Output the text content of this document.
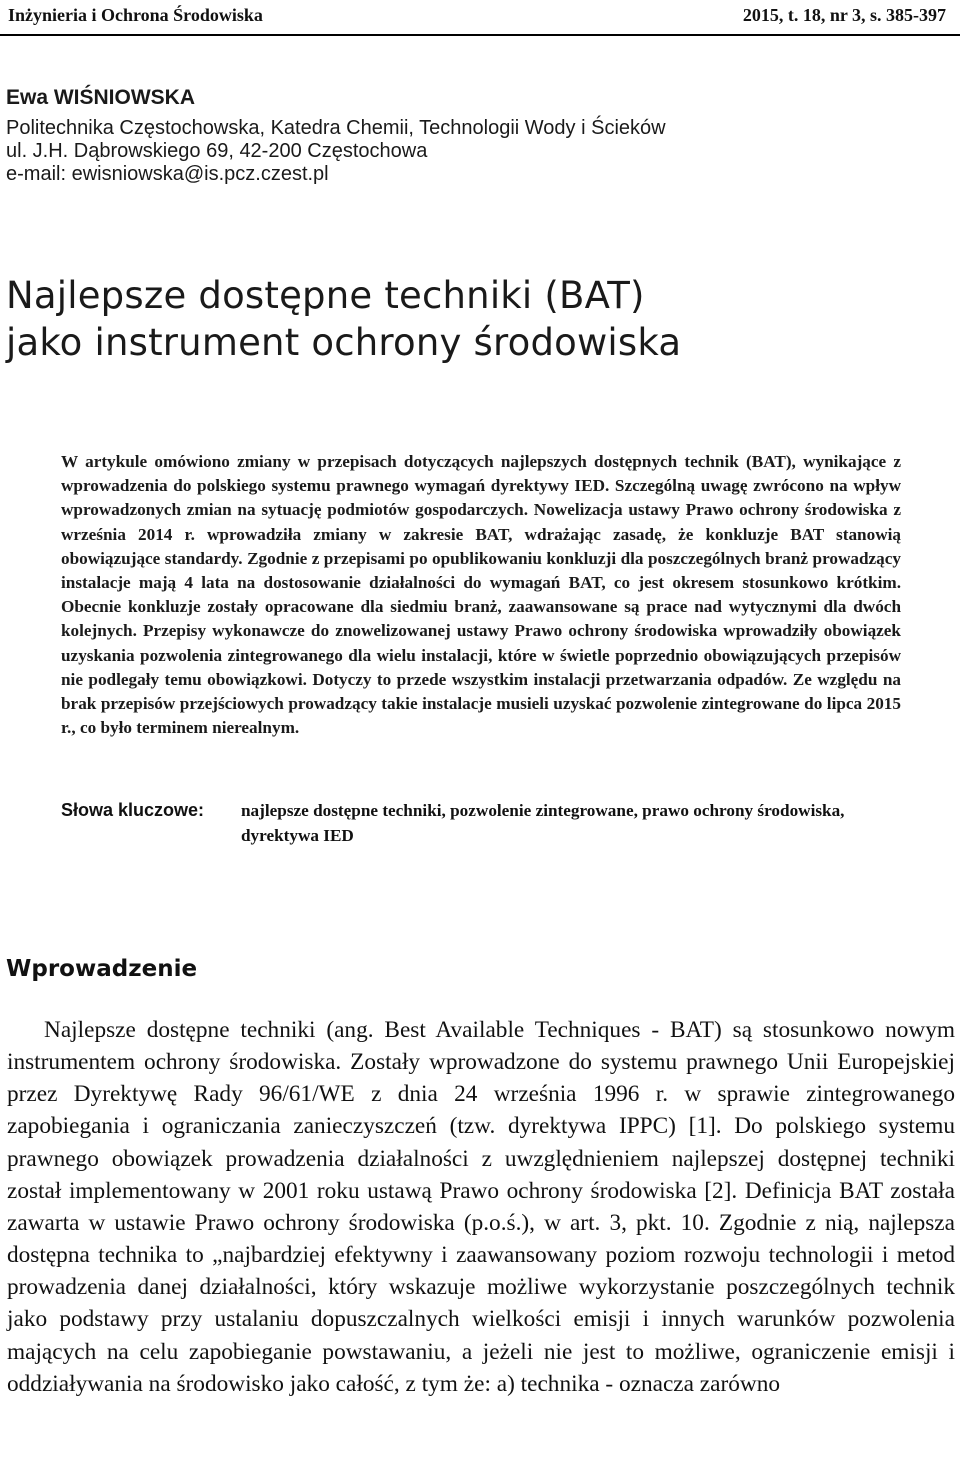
Inżynieria i Ochrona Środowiska	2015, t. 18, nr 3, s. 385-397
Ewa WIŚNIOWSKA
Politechnika Częstochowska, Katedra Chemii, Technologii Wody i Ścieków
ul. J.H. Dąbrowskiego 69, 42-200 Częstochowa
e-mail: ewisniowska@is.pcz.czest.pl
Najlepsze dostępne techniki (BAT)
jako instrument ochrony środowiska
W artykule omówiono zmiany w przepisach dotyczących najlepszych dostępnych technik (BAT), wynikające z wprowadzenia do polskiego systemu prawnego wymagań dyrektywy IED. Szczególną uwagę zwrócono na wpływ wprowadzonych zmian na sytuację podmiotów gospodarczych. Nowelizacja ustawy Prawo ochrony środowiska z września 2014 r. wprowadziła zmiany w zakresie BAT, wdrażając zasadę, że konkluzje BAT stanowią obowiązujące standardy. Zgodnie z przepisami po opublikowaniu konkluzji dla poszczególnych branż prowadzący instalacje mają 4 lata na dostosowanie działalności do wymagań BAT, co jest okresem stosunkowo krótkim. Obecnie konkluzje zostały opracowane dla siedmiu branż, zaawansowane są prace nad wytycznymi dla dwóch kolejnych. Przepisy wykonawcze do znowelizowanej ustawy Prawo ochrony środowiska wprowadziły obowiązek uzyskania pozwolenia zintegrowanego dla wielu instalacji, które w świetle poprzednio obowiązujących przepisów nie podlegały temu obowiązkowi. Dotyczy to przede wszystkim instalacji przetwarzania odpadów. Ze względu na brak przepisów przejściowych prowadzący takie instalacje musieli uzyskać pozwolenie zintegrowane do lipca 2015 r., co było terminem nierealnym.
Słowa kluczowe:	najlepsze dostępne techniki, pozwolenie zintegrowane, prawo ochrony środowiska, dyrektywa IED
Wprowadzenie
Najlepsze dostępne techniki (ang. Best Available Techniques - BAT) są stosunkowo nowym instrumentem ochrony środowiska. Zostały wprowadzone do systemu prawnego Unii Europejskiej przez Dyrektywę Rady 96/61/WE z dnia 24 września 1996 r. w sprawie zintegrowanego zapobiegania i ograniczania zanieczyszczeń (tzw. dyrektywa IPPC) [1]. Do polskiego systemu prawnego obowiązek prowadzenia działalności z uwzględnieniem najlepszej dostępnej techniki został implementowany w 2001 roku ustawą Prawo ochrony środowiska [2]. Definicja BAT została zawarta w ustawie Prawo ochrony środowiska (p.o.ś.), w art. 3, pkt. 10. Zgodnie z nią, najlepsza dostępna technika to „najbardziej efektywny i zaawansowany poziom rozwoju technologii i metod prowadzenia danej działalności, który wskazuje możliwe wykorzystanie poszczególnych technik jako podstawy przy ustalaniu dopuszczalnych wielkości emisji i innych warunków pozwolenia mających na celu zapobieganie powstawaniu, a jeżeli nie jest to możliwe, ograniczenie emisji i oddziaływania na środowisko jako całość, z tym że: a) technika - oznacza zarówno
